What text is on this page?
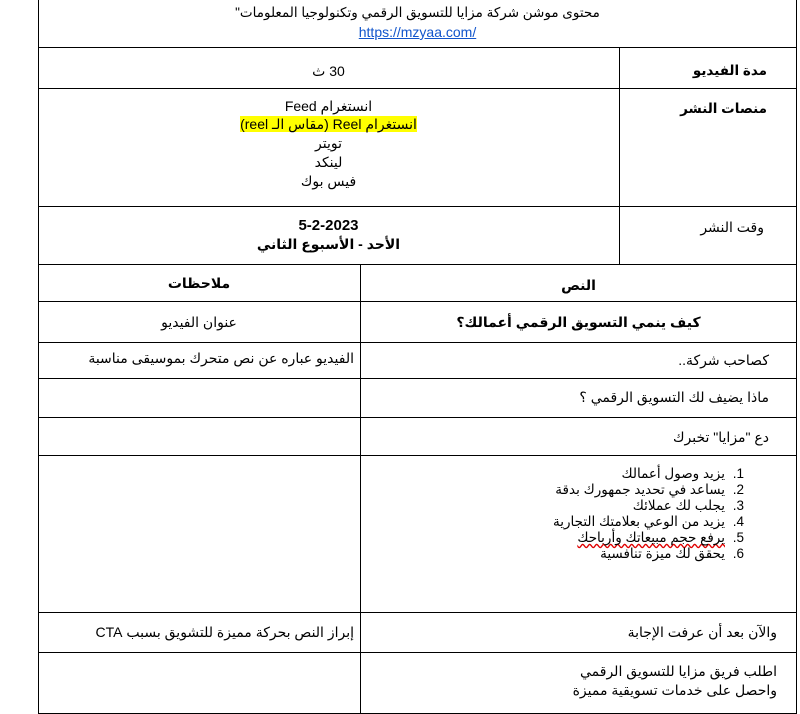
محتوى موشن شركة مزايا للتسويق الرقمي وتكنولوجيا المعلومات"
https://mzyaa.com/
مدة الفيديو
30 ث
منصات النشر
انستغرام Feed
انستغرام Reel (مقاس الـ reel)
تويتر
لينكد
فيس بوك
وقت النشر
5-2-2023
الأحد - الأسبوع الثاني
النص
ملاحظات
كيف ينمي التسويق الرقمي أعمالك؟
عنوان الفيديو
كصاحب شركة..
الفيديو عباره عن نص متحرك بموسيقى مناسبة
ماذا يضيف لك التسويق الرقمي ؟
دع "مزايا" تخبرك
1. يزيد وصول أعمالك
2. يساعد في تحديد جمهورك بدقة
3. يجلب لك عملائك
4. يزيد من الوعي بعلامتك التجارية
5. يرفع حجم مبيعاتك وأرباحك
6. يحقق لك ميزة تنافسية
والآن بعد أن عرفت الإجابة
إبراز النص بحركة مميزة للتشويق بسبب CTA
اطلب فريق مزايا للتسويق الرقمي
واحصل على خدمات تسويقية مميزة
